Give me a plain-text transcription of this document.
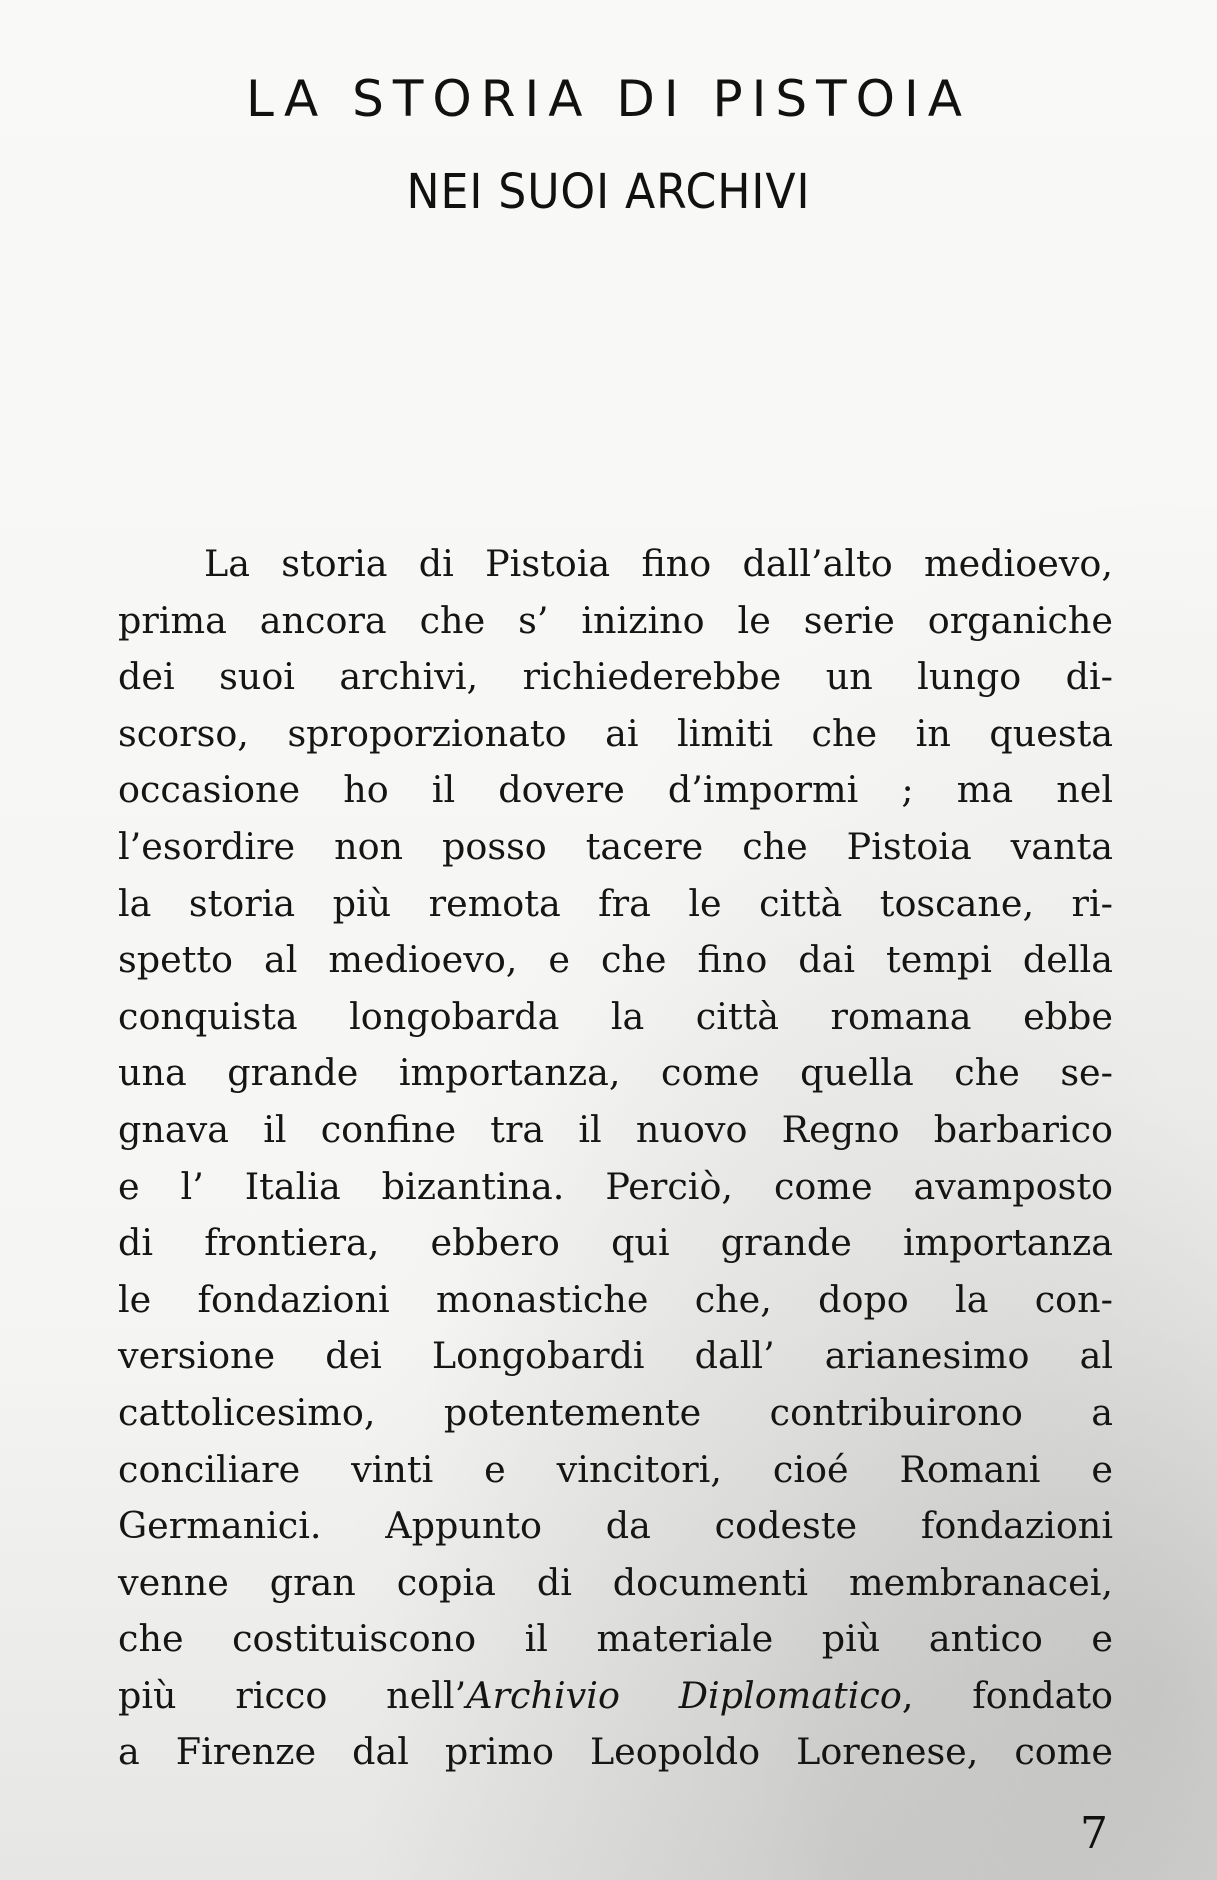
LA STORIA DI PISTOIA
NEI SUOI ARCHIVI
La storia di Pistoia fino dall’alto medioevo,
prima ancora che s’ inizino le serie organiche
dei suoi archivi, richiederebbe un lungo di-
scorso, sproporzionato ai limiti che in questa
occasione ho il dovere d’impormi ; ma nel
l’esordire non posso tacere che Pistoia vanta
la storia più remota fra le città toscane, ri-
spetto al medioevo, e che fino dai tempi della
conquista longobarda la città romana ebbe
una grande importanza, come quella che se-
gnava il confine tra il nuovo Regno barbarico
e l’ Italia bizantina. Perciò, come avamposto
di frontiera, ebbero qui grande importanza
le fondazioni monastiche che, dopo la con-
versione dei Longobardi dall’ arianesimo al
cattolicesimo, potentemente contribuirono a
conciliare vinti e vincitori, cioé Romani e
Germanici. Appunto da codeste fondazioni
venne gran copia di documenti membranacei,
che costituiscono il materiale più antico e
più ricco nell’Archivio Diplomatico, fondato
a Firenze dal primo Leopoldo Lorenese, come
7
